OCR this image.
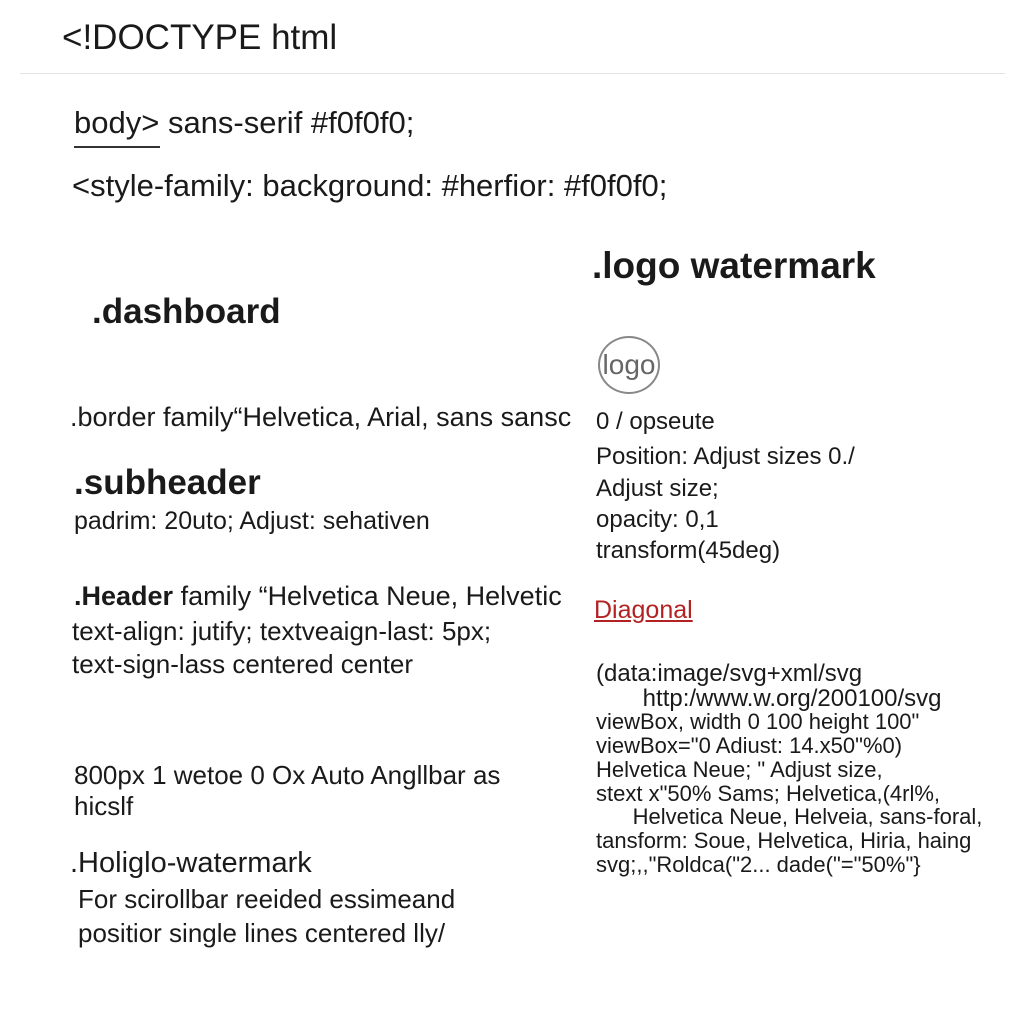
<!DOCTYPE html
body> sans-serif #f0f0f0;
<style-family: background: #herfior: #f0f0f0;
.dashboard
.logo watermark
logo
.border family“Helvetica, Arial, sans sansc 0 / opseute
Position: Adjust sizes 0./
Adjust size;
opacity: 0,1
transform(45deg)
.subheader
padrim: 20uto; Adjust: sehativen
.Header family “Helvetica Neue, Helvetic
text-align: jutify; textveaign-last: 5px;
text-sign-lass centered center
Diagonal
(data:image/svg+xml/svg
http:/www.w.org/200100/svg
viewBox, width 0 100 height 100"
viewBox="0 Adiust: 14.x50"%0)
Helvetica Neue; " Adjust size,
stext x"50% Sams; Helvetica,(4rl%,
Helvetica Neue, Helveia, sans-foral,
tansform: Soue, Helvetica, Hiria, haing
svg;,,"Roldca("2... dade("="50%"}
800px 1 wetoe 0 Ox Auto Angllbar as
hicslf
.Holiglo-watermark
For scirollbar reeided essimeand
positior single lines centered lly/
